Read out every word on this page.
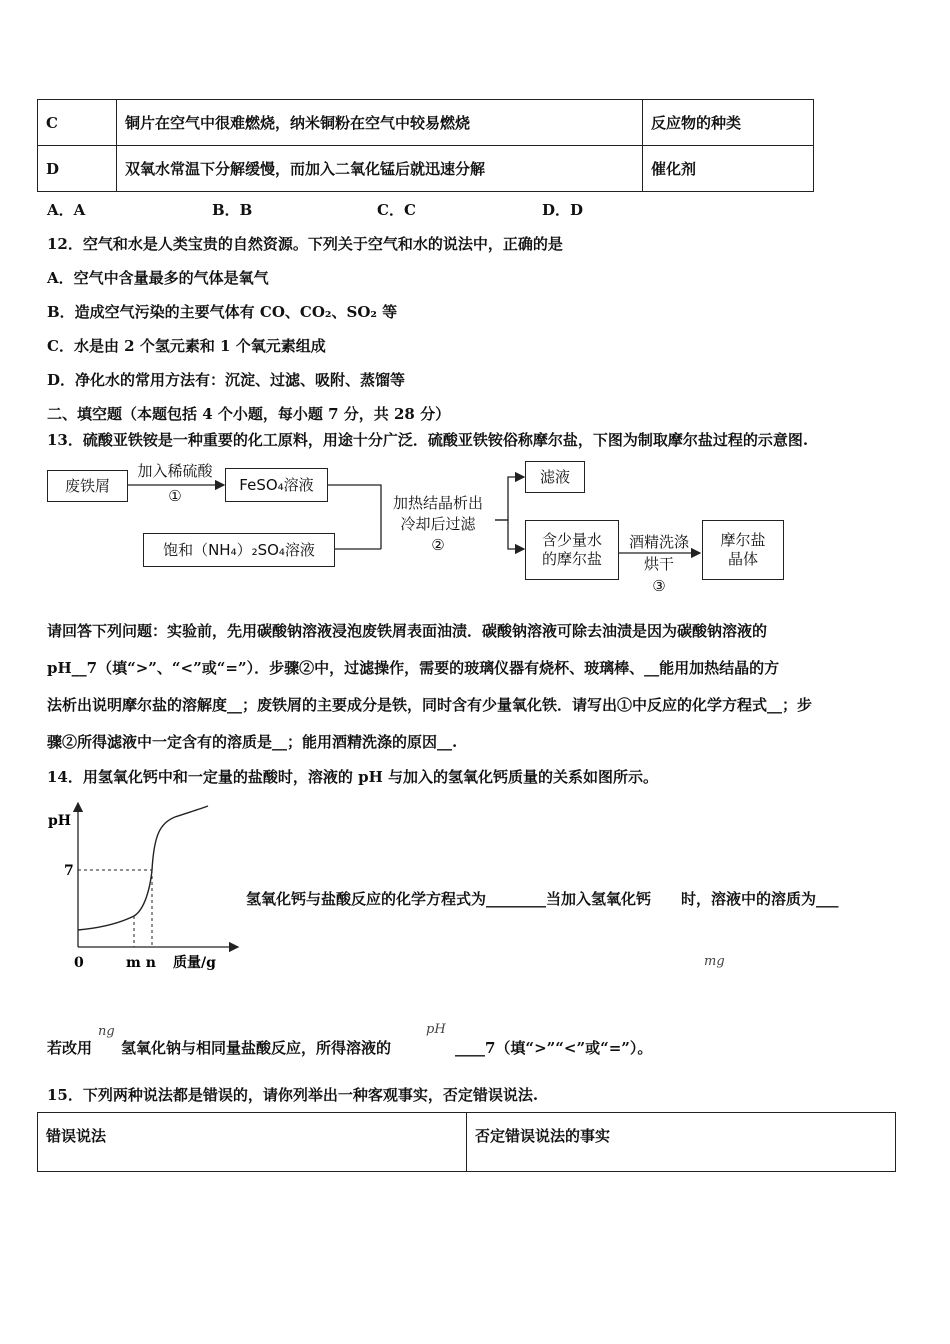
C	铜片在空气中很难燃烧，纳米铜粉在空气中较易燃烧	反应物的种类
D	双氧水常温下分解缓慢，而加入二氧化锰后就迅速分解	催化剂
A．A	B．B	C．C	D．D
12．空气和水是人类宝贵的自然资源。下列关于空气和水的说法中，正确的是
A．空气中含量最多的气体是氧气
B．造成空气污染的主要气体有 CO、CO₂、SO₂ 等
C．水是由 2 个氢元素和 1 个氧元素组成
D．净化水的常用方法有：沉淀、过滤、吸附、蒸馏等
二、填空题（本题包括 4 个小题，每小题 7 分，共 28 分）
13．硫酸亚铁铵是一种重要的化工原料，用途十分广泛．硫酸亚铁铵俗称摩尔盐，下图为制取摩尔盐过程的示意图.
废铁屑
加入稀硫酸
①
FeSO₄溶液
饱和（NH₄）₂SO₄溶液
加热结晶析出
冷却后过滤
②
滤液
含少量水
的摩尔盐
酒精洗涤
烘干
③
摩尔盐
晶体
请回答下列问题：实验前，先用碳酸钠溶液浸泡废铁屑表面油渍．碳酸钠溶液可除去油渍是因为碳酸钠溶液的
pH__7（填“>”、“<”或“=”）．步骤②中，过滤操作，需要的玻璃仪器有烧杯、玻璃棒、__能用加热结晶的方
法析出说明摩尔盐的溶解度__；废铁屑的主要成分是铁，同时含有少量氧化铁．请写出①中反应的化学方程式__；步
骤②所得滤液中一定含有的溶质是__；能用酒精洗涤的原因__.
14．用氢氧化钙中和一定量的盐酸时，溶液的 pH 与加入的氢氧化钙质量的关系如图所示。
pH
7
0	m n 质量/g
氢氧化钙与盐酸反应的化学方程式为________当加入氢氧化钙　　时，溶液中的溶质为___
mg
若改用
ng
氢氧化钠与相同量盐酸反应，所得溶液的
pH
____7（填“>”“<”或“=”）。
15．下列两种说法都是错误的，请你列举出一种客观事实，否定错误说法.
错误说法	否定错误说法的事实
